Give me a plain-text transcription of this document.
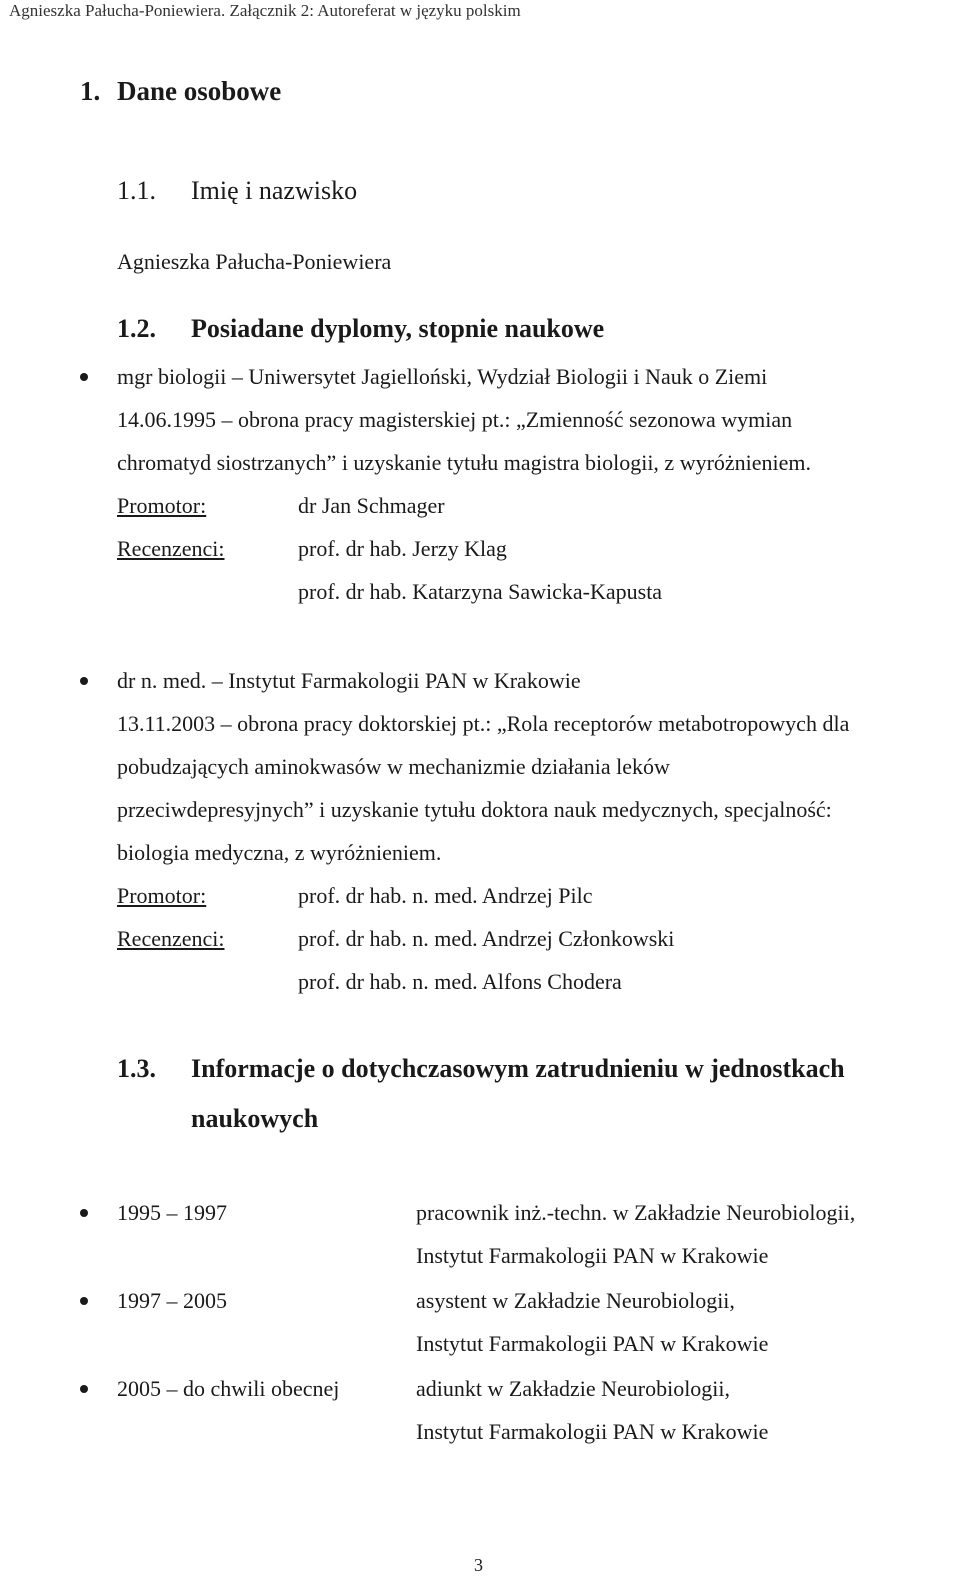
Agnieszka Pałucha-Poniewiera. Załącznik 2: Autoreferat w języku polskim
1. Dane osobowe
1.1. Imię i nazwisko
Agnieszka Pałucha-Poniewiera
1.2. Posiadane dyplomy, stopnie naukowe
mgr biologii – Uniwersytet Jagielloński, Wydział Biologii i Nauk o Ziemi
14.06.1995 – obrona pracy magisterskiej pt.: „Zmienność sezonowa wymian
chromatyd siostrzanych” i uzyskanie tytułu magistra biologii, z wyróżnieniem.
Promotor:	dr Jan Schmager
Recenzenci:	prof. dr hab. Jerzy Klag
prof. dr hab. Katarzyna Sawicka-Kapusta
dr n. med. – Instytut Farmakologii PAN w Krakowie
13.11.2003 – obrona pracy doktorskiej pt.: „Rola receptorów metabotropowych dla
pobudzających aminokwasów w mechanizmie działania leków
przeciwdepresyjnych” i uzyskanie tytułu doktora nauk medycznych, specjalność:
biologia medyczna, z wyróżnieniem.
Promotor:	prof. dr hab. n. med. Andrzej Pilc
Recenzenci:	prof. dr hab. n. med. Andrzej Członkowski
prof. dr hab. n. med. Alfons Chodera
1.3. Informacje o dotychczasowym zatrudnieniu w jednostkach
naukowych
1995 – 1997	pracownik inż.-techn. w Zakładzie Neurobiologii,
Instytut Farmakologii PAN w Krakowie
1997 – 2005	asystent w Zakładzie Neurobiologii,
Instytut Farmakologii PAN w Krakowie
2005 – do chwili obecnej	adiunkt w Zakładzie Neurobiologii,
Instytut Farmakologii PAN w Krakowie
3
